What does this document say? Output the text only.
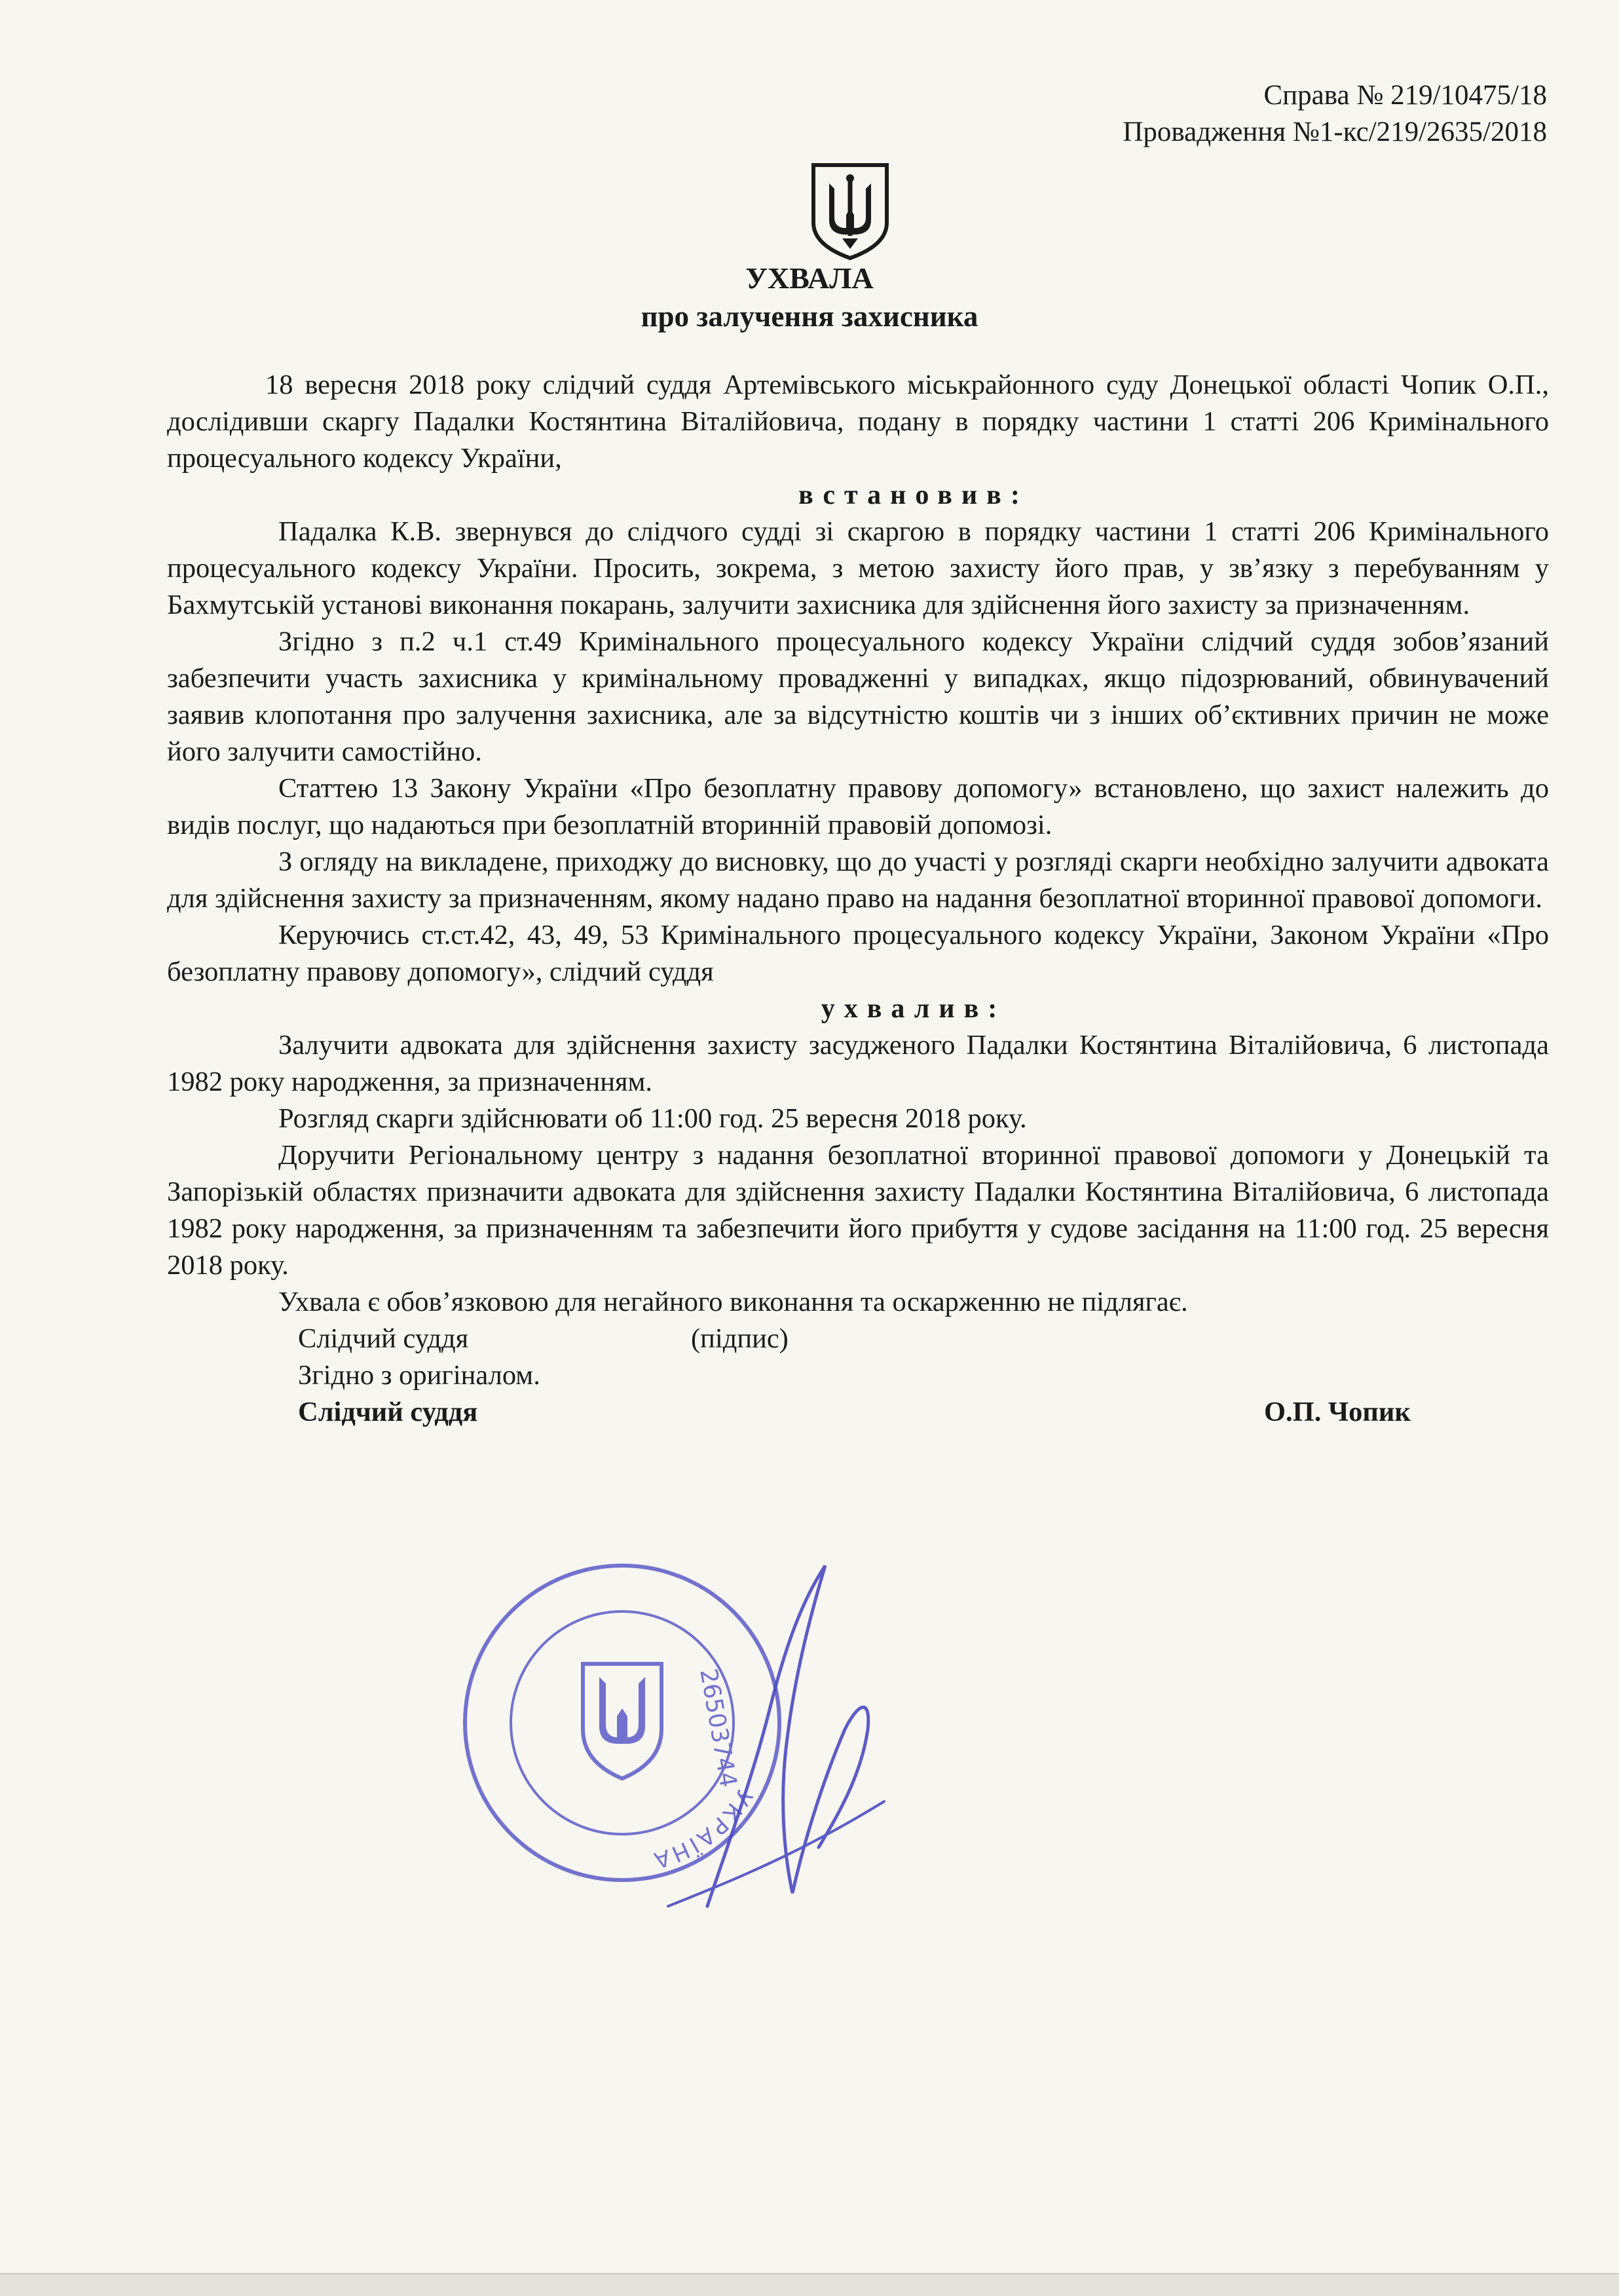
Справа № 219/10475/18
Провадження №1-кс/219/2635/2018
УХВАЛА
про залучення захисника

18 вересня 2018 року слідчий суддя Артемівського міськрайонного суду Донецької області Чопик О.П., дослідивши скаргу Падалки Костянтина Віталійовича, подану в порядку частини 1 статті 206 Кримінального процесуального кодексу України,

встановив:

Падалка К.В. звернувся до слідчого судді зі скаргою в порядку частини 1 статті 206 Кримінального процесуального кодексу України. Просить, зокрема, з метою захисту його прав, у зв’язку з перебуванням у Бахмутській установі виконання покарань, залучити захисника для здійснення його захисту за призначенням.

Згідно з п.2 ч.1 ст.49 Кримінального процесуального кодексу України слідчий суддя зобов’язаний забезпечити участь захисника у кримінальному провадженні у випадках, якщо підозрюваний, обвинувачений заявив клопотання про залучення захисника, але за відсутністю коштів чи з інших об’єктивних причин не може його залучити самостійно.

Статтею 13 Закону України «Про безоплатну правову допомогу» встановлено, що захист належить до видів послуг, що надаються при безоплатній вторинній правовій допомозі.

З огляду на викладене, приходжу до висновку, що до участі у розгляді скарги необхідно залучити адвоката для здійснення захисту за призначенням, якому надано право на надання безоплатної вторинної правової допомоги.

Керуючись ст.ст.42, 43, 49, 53 Кримінального процесуального кодексу України, Законом України «Про безоплатну правову допомогу», слідчий суддя

ухвалив:

Залучити адвоката для здійснення захисту засудженого Падалки Костянтина Віталійовича, 6 листопада 1982 року народження, за призначенням.

Розгляд скарги здійснювати об 11:00 год. 25 вересня 2018 року.

Доручити Регіональному центру з надання безоплатної вторинної правової допомоги у Донецькій та Запорізькій областях призначити адвоката для здійснення захисту Падалки Костянтина Віталійовича, 6 листопада 1982 року народження, за призначенням та забезпечити його прибуття у судове засідання на 11:00 год. 25 вересня 2018 року.

Ухвала є обов’язковою для негайного виконання та оскарженню не підлягає.

Слідчий суддя	(підпис)
Згідно з оригіналом.
Слідчий суддя	О.П. Чопик
УКРАЇНА
26503744
